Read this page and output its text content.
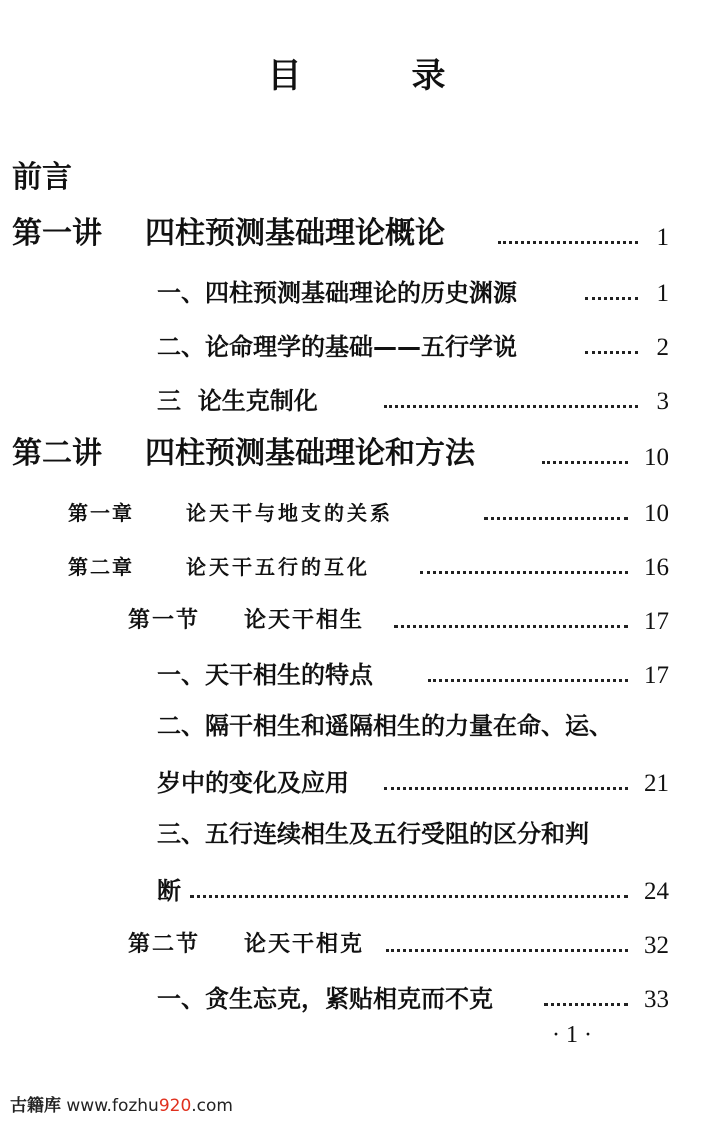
目	录
前言
第一讲 四柱预测基础理论概论	1
一、四柱预测基础理论的历史渊源	1
二、论命理学的基础——五行学说	2
三  论生克制化	3
第二讲 四柱预测基础理论和方法	10
第一章	论天干与地支的关系	10
第二章	论天干五行的互化	16
第一节 论天干相生	17
一、天干相生的特点	17
二、隔干相生和遥隔相生的力量在命、运、
岁中的变化及应用	21
三、五行连续相生及五行受阻的区分和判
断	24
第二节 论天干相克	32
一、贪生忘克，紧贴相克而不克	33
· 1 ·
古籍库 www.fozhu920.com
